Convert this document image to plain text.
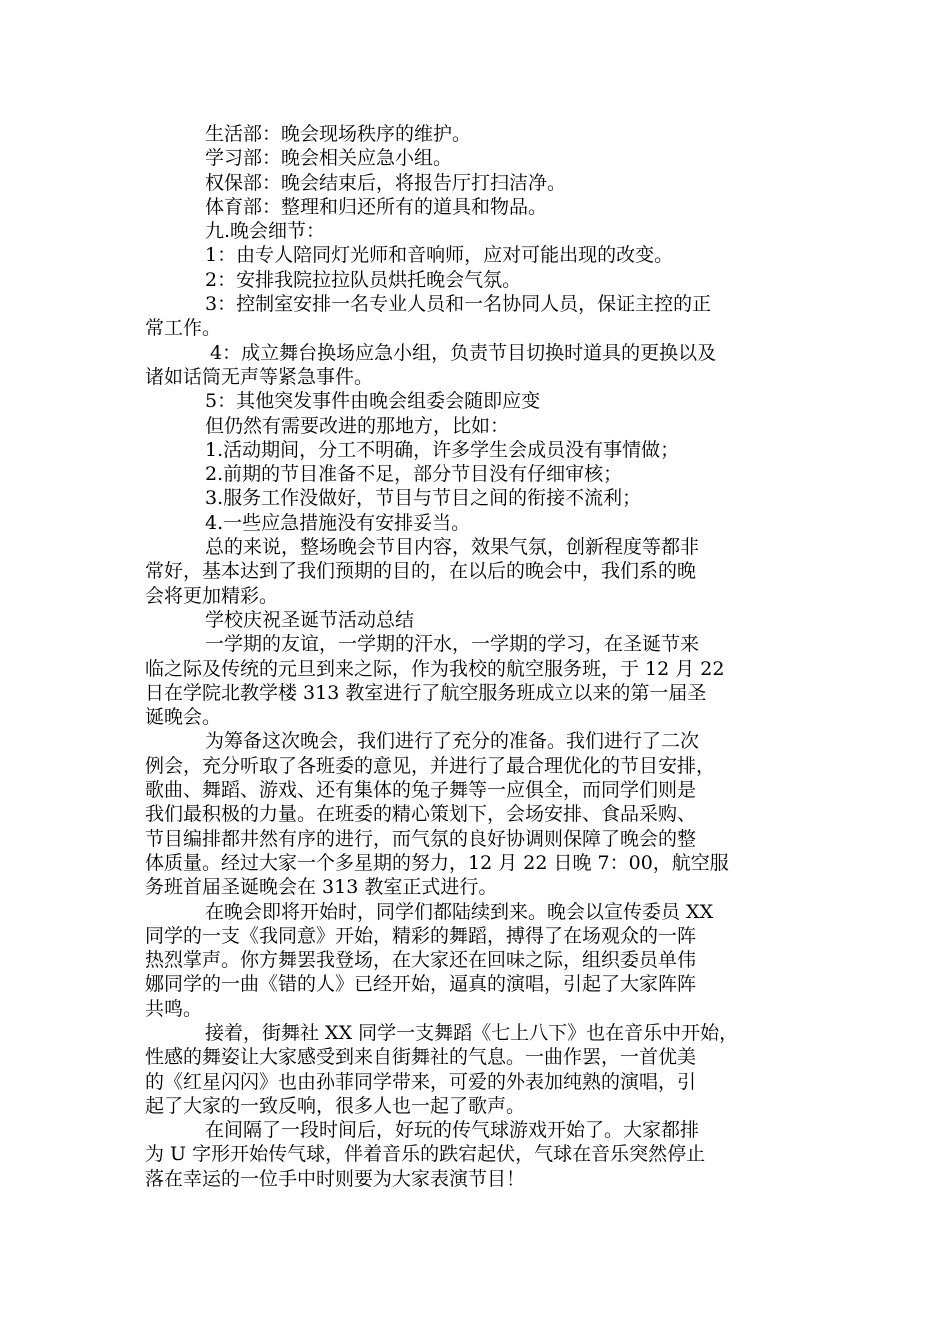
生活部：晚会现场秩序的维护。
学习部：晚会相关应急小组。
权保部：晚会结束后，将报告厅打扫洁净。
体育部：整理和归还所有的道具和物品。
九.晚会细节：
1：由专人陪同灯光师和音响师，应对可能出现的改变。
2：安排我院拉拉队员烘托晚会气氛。
3：控制室安排一名专业人员和一名协同人员，保证主控的正
常工作。
4：成立舞台换场应急小组，负责节目切换时道具的更换以及
诸如话筒无声等紧急事件。
5：其他突发事件由晚会组委会随即应变
但仍然有需要改进的那地方，比如：
1.活动期间，分工不明确，许多学生会成员没有事情做；
2.前期的节目准备不足，部分节目没有仔细审核；
3.服务工作没做好，节目与节目之间的衔接不流利；
4.一些应急措施没有安排妥当。
总的来说，整场晚会节目内容，效果气氛，创新程度等都非
常好，基本达到了我们预期的目的，在以后的晚会中，我们系的晚
会将更加精彩。
学校庆祝圣诞节活动总结
一学期的友谊，一学期的汗水，一学期的学习，在圣诞节来
临之际及传统的元旦到来之际，作为我校的航空服务班，于 12 月 22
日在学院北教学楼 313 教室进行了航空服务班成立以来的第一届圣
诞晚会。
为筹备这次晚会，我们进行了充分的准备。我们进行了二次
例会，充分听取了各班委的意见，并进行了最合理优化的节目安排，
歌曲、舞蹈、游戏、还有集体的兔子舞等一应俱全，而同学们则是
我们最积极的力量。在班委的精心策划下，会场安排、食品采购、
节目编排都井然有序的进行，而气氛的良好协调则保障了晚会的整
体质量。经过大家一个多星期的努力，12 月 22 日晚 7：00，航空服
务班首届圣诞晚会在 313 教室正式进行。
在晚会即将开始时，同学们都陆续到来。晚会以宣传委员 XX
同学的一支《我同意》开始，精彩的舞蹈，搏得了在场观众的一阵
热烈掌声。你方舞罢我登场，在大家还在回味之际，组织委员单伟
娜同学的一曲《错的人》已经开始，逼真的演唱，引起了大家阵阵
共鸣。
接着，街舞社 XX 同学一支舞蹈《七上八下》也在音乐中开始，
性感的舞姿让大家感受到来自街舞社的气息。一曲作罢，一首优美
的《红星闪闪》也由孙菲同学带来，可爱的外表加纯熟的演唱，引
起了大家的一致反响，很多人也一起了歌声。
在间隔了一段时间后，好玩的传气球游戏开始了。大家都排
为 U 字形开始传气球，伴着音乐的跌宕起伏，气球在音乐突然停止
落在幸运的一位手中时则要为大家表演节目！
